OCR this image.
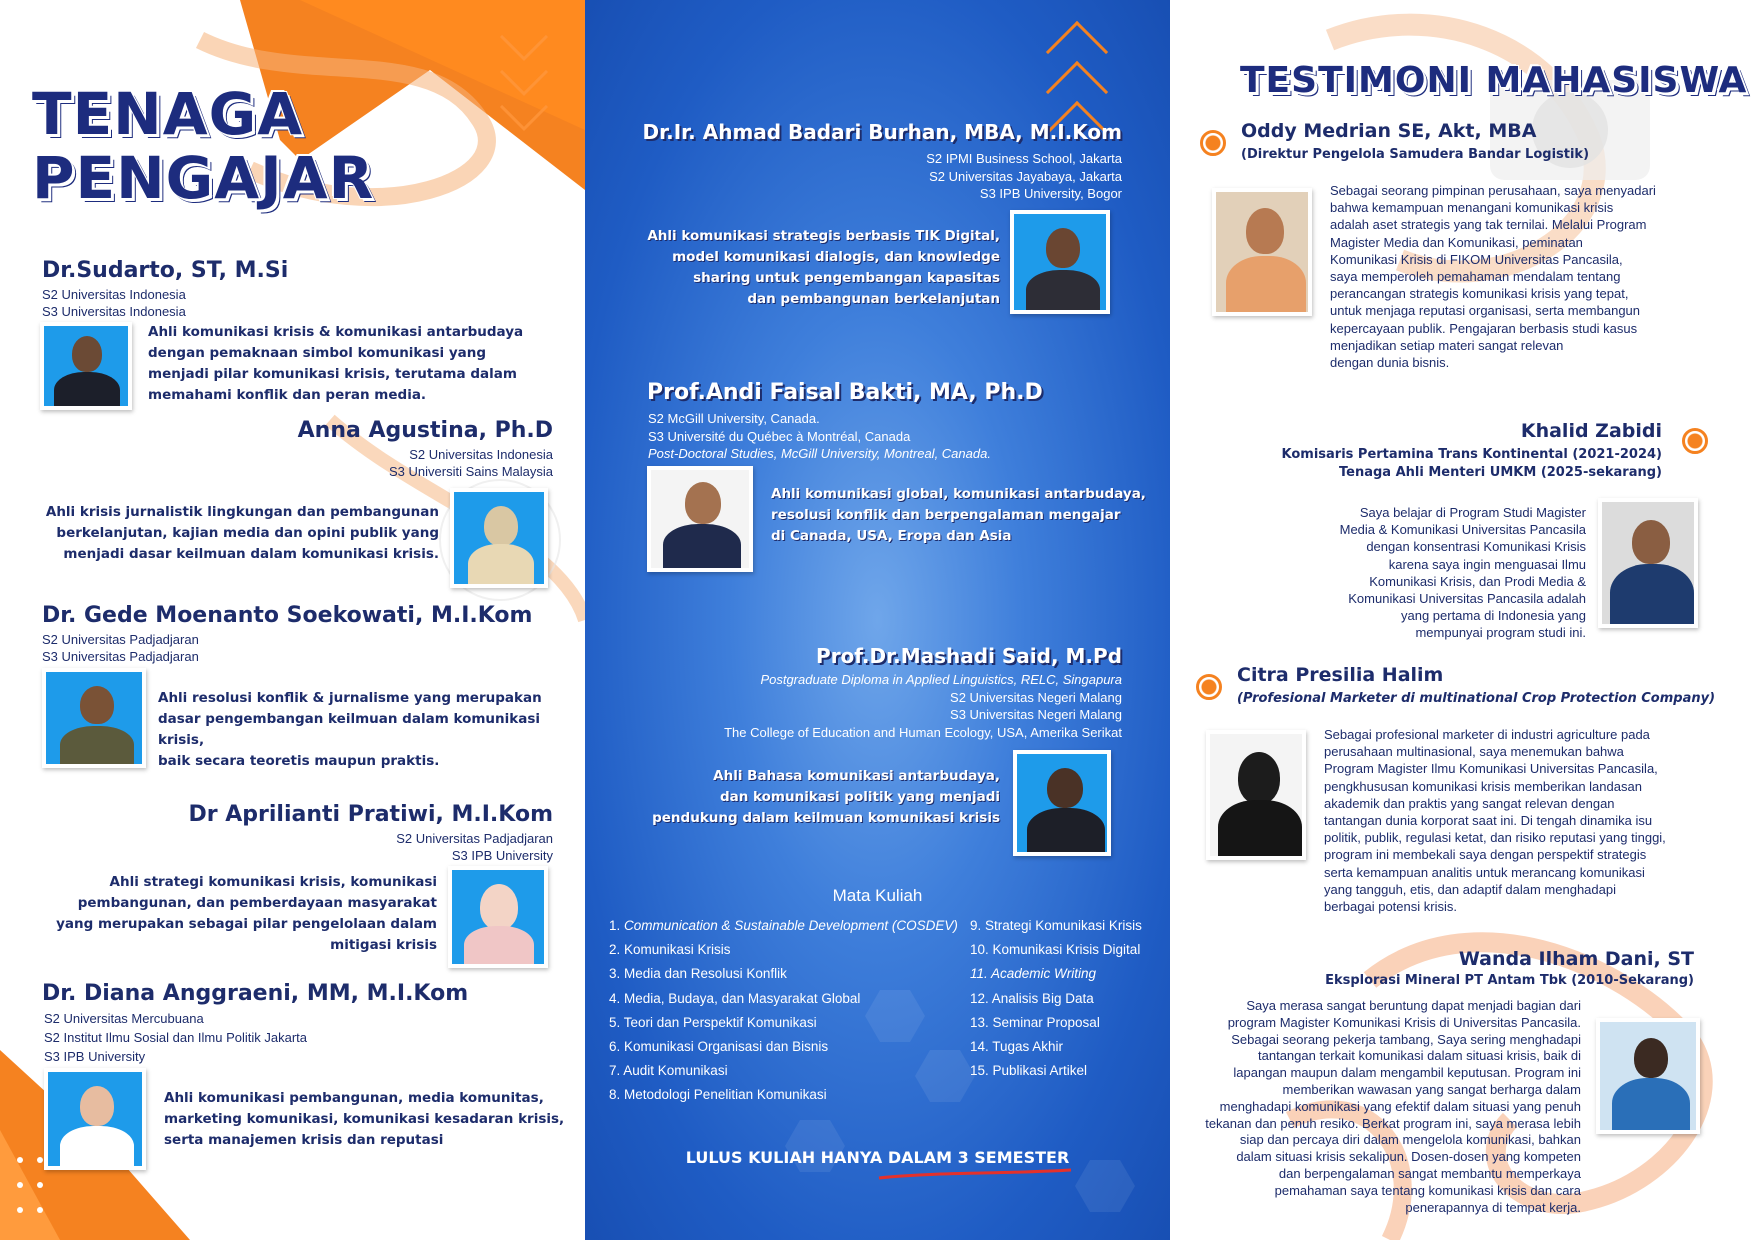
TENAGA
PENGAJAR
Dr.Sudarto, ST, M.Si
S2 Universitas Indonesia
S3 Universitas Indonesia
Ahli komunikasi krisis & komunikasi antarbudaya
dengan pemaknaan simbol komunikasi yang
menjadi pilar komunikasi krisis, terutama dalam
memahami konflik dan peran media.
Anna Agustina, Ph.D
S2 Universitas Indonesia
S3 Universiti Sains Malaysia
Ahli krisis jurnalistik lingkungan dan pembangunan
berkelanjutan, kajian media dan opini publik yang
menjadi dasar keilmuan dalam komunikasi krisis.
Dr. Gede Moenanto Soekowati, M.I.Kom
S2 Universitas Padjadjaran
S3 Universitas Padjadjaran
Ahli resolusi konflik & jurnalisme yang merupakan
dasar pengembangan keilmuan dalam komunikasi krisis,
baik secara teoretis maupun praktis.
Dr Aprilianti Pratiwi, M.I.Kom
S2 Universitas Padjadjaran
S3 IPB University
Ahli strategi komunikasi krisis, komunikasi
pembangunan, dan pemberdayaan masyarakat
yang merupakan sebagai pilar pengelolaan dalam
mitigasi krisis
Dr. Diana Anggraeni, MM, M.I.Kom
S2 Universitas Mercubuana
S2 Institut Ilmu Sosial dan Ilmu Politik Jakarta
S3 IPB University
Ahli komunikasi pembangunan, media komunitas,
marketing komunikasi, komunikasi kesadaran krisis,
serta manajemen krisis dan reputasi
Dr.Ir. Ahmad Badari Burhan, MBA, M.I.Kom
S2 IPMI Business School, Jakarta
S2 Universitas Jayabaya, Jakarta
S3 IPB University, Bogor
Ahli komunikasi strategis berbasis TIK Digital,
model komunikasi dialogis, dan knowledge
sharing untuk pengembangan kapasitas
dan pembangunan berkelanjutan
Prof.Andi Faisal Bakti, MA, Ph.D
S2 McGill University, Canada.
S3 Université du Québec à Montréal, Canada
Post-Doctoral Studies, McGill University, Montreal, Canada.
Ahli komunikasi global, komunikasi antarbudaya,
resolusi konflik dan berpengalaman mengajar
di Canada, USA, Eropa dan Asia
Prof.Dr.Mashadi Said, M.Pd
Postgraduate Diploma in Applied Linguistics, RELC, Singapura
S2 Universitas Negeri Malang
S3 Universitas Negeri Malang
The College of Education and Human Ecology, USA, Amerika Serikat
Ahli Bahasa komunikasi antarbudaya,
dan komunikasi politik yang menjadi
pendukung dalam keilmuan komunikasi krisis
Mata Kuliah
1. Communication & Sustainable Development (COSDEV)
2. Komunikasi Krisis
3. Media dan Resolusi Konflik
4. Media, Budaya, dan Masyarakat Global
5. Teori dan Perspektif Komunikasi
6. Komunikasi Organisasi dan Bisnis
7. Audit Komunikasi
8. Metodologi Penelitian Komunikasi
9. Strategi Komunikasi Krisis
10. Komunikasi Krisis Digital
11. Academic Writing
12. Analisis Big Data
13. Seminar Proposal
14. Tugas Akhir
15. Publikasi Artikel
LULUS KULIAH HANYA DALAM 3 SEMESTER
TESTIMONI MAHASISWA
Oddy Medrian SE, Akt, MBA
(Direktur Pengelola Samudera Bandar Logistik)
Sebagai seorang pimpinan perusahaan, saya menyadari
bahwa kemampuan menangani komunikasi krisis
adalah aset strategis yang tak ternilai. Melalui Program
Magister Media dan Komunikasi, peminatan
Komunikasi Krisis di FIKOM Universitas Pancasila,
saya memperoleh pemahaman mendalam tentang
perancangan strategis komunikasi krisis yang tepat,
untuk menjaga reputasi organisasi, serta membangun
kepercayaan publik. Pengajaran berbasis studi kasus
menjadikan setiap materi sangat relevan
dengan dunia bisnis.
Khalid Zabidi
Komisaris Pertamina Trans Kontinental (2021-2024)
Tenaga Ahli Menteri UMKM (2025-sekarang)
Saya belajar di Program Studi Magister
Media & Komunikasi Universitas Pancasila
dengan konsentrasi Komunikasi Krisis
karena saya ingin menguasai Ilmu
Komunikasi Krisis, dan Prodi Media &
Komunikasi Universitas Pancasila adalah
yang pertama di Indonesia yang
mempunyai program studi ini.
Citra Presilia Halim
(Profesional Marketer di multinational Crop Protection Company)
Sebagai profesional marketer di industri agriculture pada
perusahaan multinasional, saya menemukan bahwa
Program Magister Ilmu Komunikasi Universitas Pancasila,
pengkhususan komunikasi krisis memberikan landasan
akademik dan praktis yang sangat relevan dengan
tantangan dunia korporat saat ini. Di tengah dinamika isu
politik, publik, regulasi ketat, dan risiko reputasi yang tinggi,
program ini membekali saya dengan perspektif strategis
serta kemampuan analitis untuk merancang komunikasi
yang tangguh, etis, dan adaptif dalam menghadapi
berbagai potensi krisis.
Wanda Ilham Dani, ST
Eksplorasi Mineral PT Antam Tbk (2010-Sekarang)
Saya merasa sangat beruntung dapat menjadi bagian dari
program Magister Komunikasi Krisis di Universitas Pancasila.
Sebagai seorang pekerja tambang, Saya sering menghadapi
tantangan terkait komunikasi dalam situasi krisis, baik di
lapangan maupun dalam mengambil keputusan. Program ini
memberikan wawasan yang sangat berharga dalam
menghadapi komunikasi yang efektif dalam situasi yang penuh
tekanan dan penuh resiko. Berkat program ini, saya merasa lebih
siap dan percaya diri dalam mengelola komunikasi, bahkan
dalam situasi krisis sekalipun. Dosen-dosen yang kompeten
dan berpengalaman sangat membantu memperkaya
pemahaman saya tentang komunikasi krisis dan cara
penerapannya di tempat kerja.
